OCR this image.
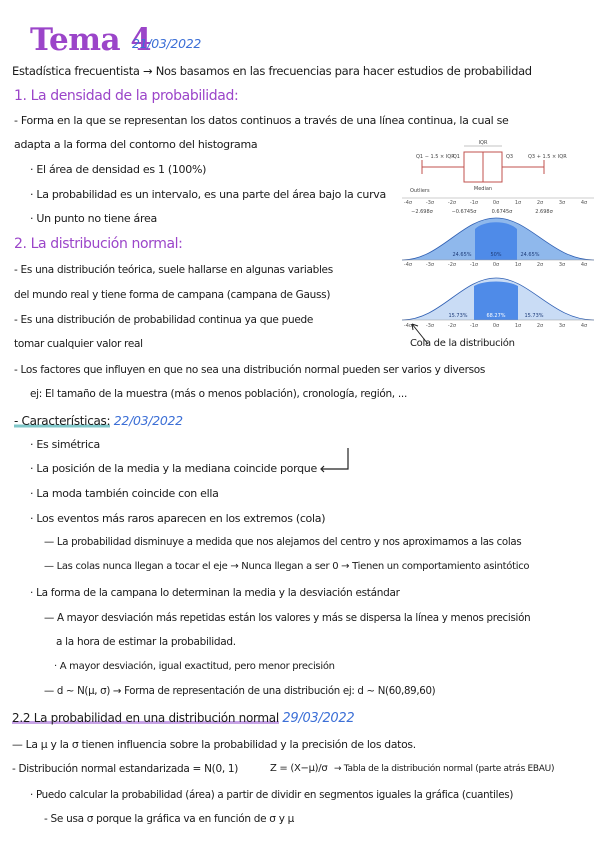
Tema 4
21/03/2022
Estadística frecuentista → Nos basamos en las frecuencias para hacer estudios de probabilidad
1. La densidad de la probabilidad:
- Forma en la que se representan los datos continuos a través de una línea continua, la cual se
adapta a la forma del contorno del histograma
· El área de densidad es 1 (100%)
· La probabilidad es un intervalo, es una parte del área bajo la curva
· Un punto no tiene área
2. La distribución normal:
- Es una distribución teórica, suele hallarse en algunas variables
del mundo real y tiene forma de campana (campana de Gauss)
- Es una distribución de probabilidad continua ya que puede
tomar cualquier valor real
- Los factores que influyen en que no sea una distribución normal pueden ser varios y diversos
ej: El tamaño de la muestra (más o menos población), cronología, región, ...
- Características: 22/03/2022
· Es simétrica
· La posición de la media y la mediana coincide porque
· La moda también coincide con ella
· Los eventos más raros aparecen en los extremos (cola)
— La probabilidad disminuye a medida que nos alejamos del centro y nos aproximamos a las colas
— Las colas nunca llegan a tocar el eje → Nunca llegan a ser 0 → Tienen un comportamiento asintótico
· La forma de la campana lo determinan la media y la desviación estándar
— A mayor desviación más repetidas están los valores y más se dispersa la línea y menos precisión
a la hora de estimar la probabilidad.
· A mayor desviación, igual exactitud, pero menor precisión
— d ~ N(μ, σ) → Forma de representación de una distribución ej: d ~ N(60,89,60)
2.2 La probabilidad en una distribución normal 29/03/2022
— La μ y la σ tienen influencia sobre la probabilidad y la precisión de los datos.
- Distribución normal estandarizada = N(0, 1)	Z = (X−μ)/σ → Tabla de la distribución normal (parte atrás EBAU)
· Puedo calcular la probabilidad (área) a partir de dividir en segmentos iguales la gráfica (cuantiles)
- Se usa σ porque la gráfica va en función de σ y μ
IQR
Q1	Q3
Median
Q1 − 1.5 × IQR	Q3 + 1.5 × IQR
Outliers
-4σ	-3σ	-2σ	-1σ	0σ	1σ	2σ	3σ	4σ
−2.698σ	−0.6745σ	0.6745σ	2.698σ
24.65%	50%	24.65%
-4σ	-3σ	-2σ	-1σ	0σ	1σ	2σ	3σ	4σ
15.73%	68.27%	15.73%
-4σ	-3σ	-2σ	-1σ	0σ	1σ	2σ	3σ	4σ
Cola de la distribución
